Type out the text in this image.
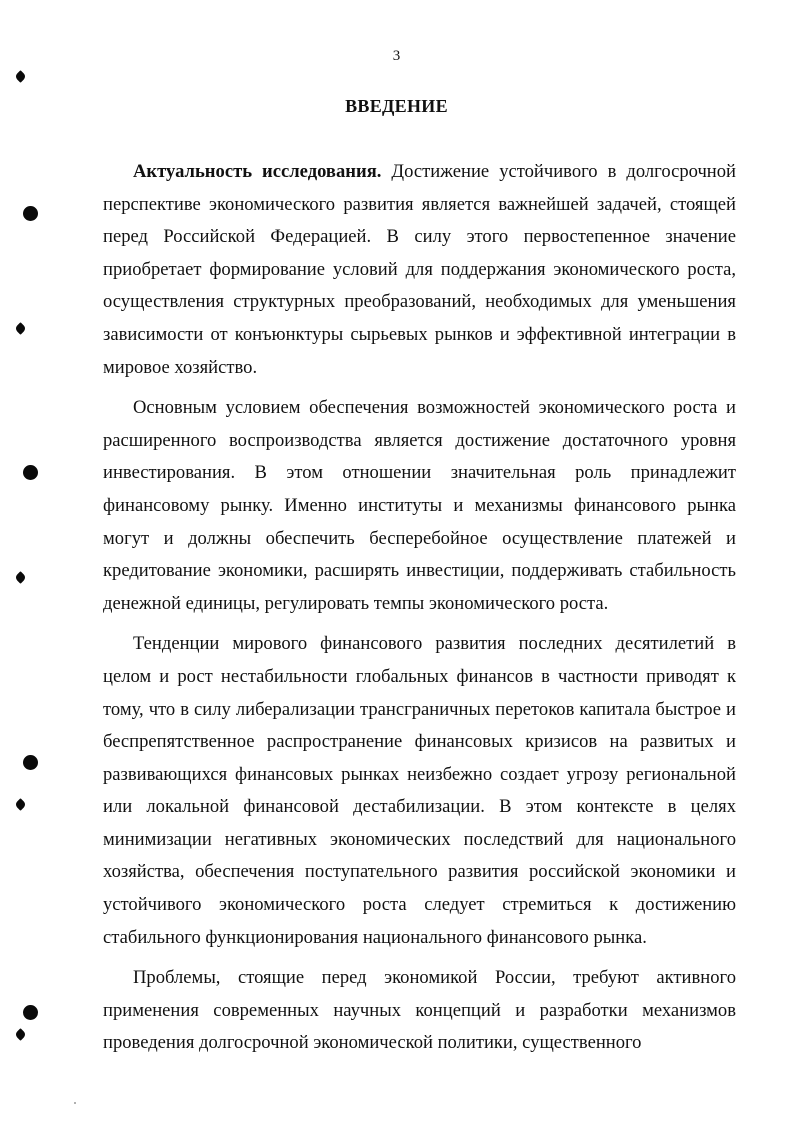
3
ВВЕДЕНИЕ

Актуальность исследования. Достижение устойчивого в долгосрочной перспективе экономического развития является важнейшей задачей, стоящей перед Российской Федерацией. В силу этого первостепенное значение приобретает формирование условий для поддержания экономического роста, осуществления структурных преобразований, необходимых для уменьшения зависимости от конъюнктуры сырьевых рынков и эффективной интеграции в мировое хозяйство.

Основным условием обеспечения возможностей экономического роста и расширенного воспроизводства является достижение достаточного уровня инвестирования. В этом отношении значительная роль принадлежит финансовому рынку. Именно институты и механизмы финансового рынка могут и должны обеспечить бесперебойное осуществление платежей и кредитование экономики, расширять инвестиции, поддерживать стабильность денежной единицы, регулировать темпы экономического роста.

Тенденции мирового финансового развития последних десятилетий в целом и рост нестабильности глобальных финансов в частности приводят к тому, что в силу либерализации трансграничных перетоков капитала быстрое и беспрепятственное распространение финансовых кризисов на развитых и развивающихся финансовых рынках неизбежно создает угрозу региональной или локальной финансовой дестабилизации. В этом контексте в целях минимизации негативных экономических последствий для национального хозяйства, обеспечения поступательного развития российской экономики и устойчивого экономического роста следует стремиться к достижению стабильного функционирования национального финансового рынка.

Проблемы, стоящие перед экономикой России, требуют активного применения современных научных концепций и разработки механизмов проведения долгосрочной экономической политики, существенного
